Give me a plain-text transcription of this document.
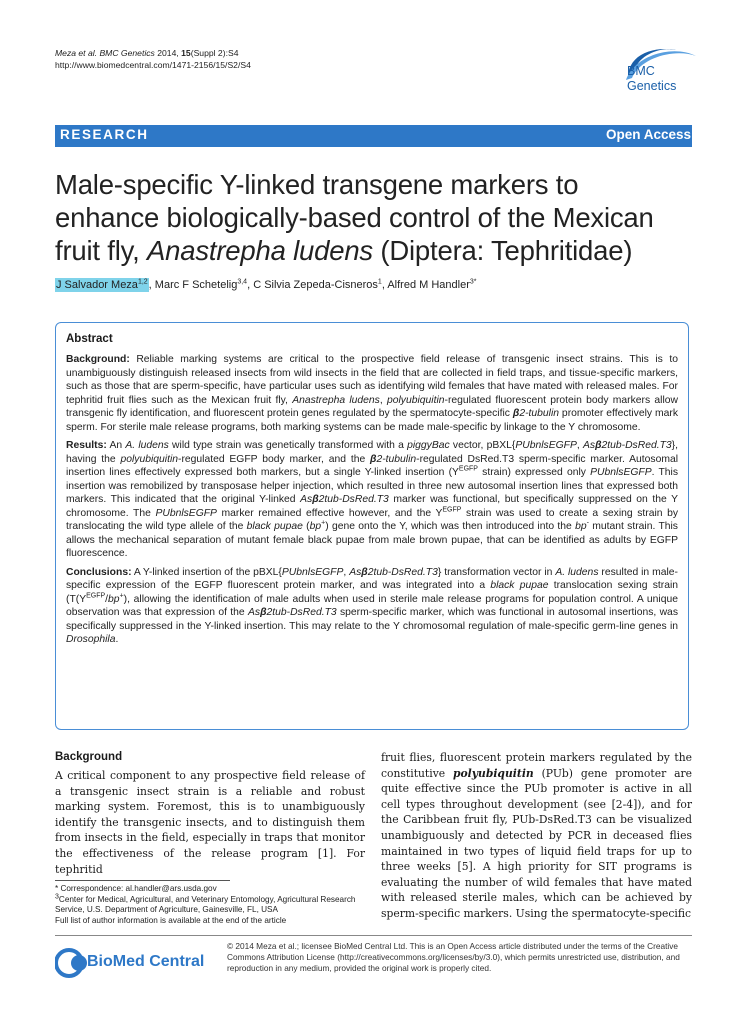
Meza et al. BMC Genetics 2014, 15(Suppl 2):S4
http://www.biomedcentral.com/1471-2156/15/S2/S4	BMC
Genetics
RESEARCH	Open Access
Male-specific Y-linked transgene markers to
enhance biologically-based control of the Mexican
fruit fly, Anastrepha ludens (Diptera: Tephritidae)
J Salvador Meza$^{1,2}$, Marc F Schetelig$^{3,4}$, C Silvia Zepeda-Cisneros$^1$, Alfred M Handler$^{3*}$
Abstract

Background: Reliable marking systems are critical to the prospective field release of transgenic insect strains. This is to unambiguously distinguish released insects from wild insects in the field that are collected in field traps, and tissue-specific markers, such as those that are sperm-specific, have particular uses such as identifying wild females that have mated with released males. For tephritid fruit flies such as the Mexican fruit fly, Anastrepha ludens, polyubiquitin-regulated fluorescent protein body markers allow transgenic fly identification, and fluorescent protein genes regulated by the spermatocyte-specific β2-tubulin promoter effectively mark sperm. For sterile male release programs, both marking systems can be made male-specific by linkage to the Y chromosome.

Results: An A. ludens wild type strain was genetically transformed with a piggyBac vector, pBXL{PUbnlsEGFP, Asβ2tub-DsRed.T3}, having the polyubiquitin-regulated EGFP body marker, and the β2-tubulin-regulated DsRed.T3 sperm-specific marker. Autosomal insertion lines effectively expressed both markers, but a single Y-linked insertion ($Y^{EGFP}$ strain) expressed only PUbnlsEGFP. This insertion was remobilized by transposase helper injection, which resulted in three new autosomal insertion lines that expressed both markers. This indicated that the original Y-linked Asβ2tub-DsRed.T3 marker was functional, but specifically suppressed on the Y chromosome. The PUbnlsEGFP marker remained effective however, and the $Y^{EGFP}$ strain was used to create a sexing strain by translocating the wild type allele of the black pupae (bp+) gene onto the Y, which was then introduced into the bp- mutant strain. This allows the mechanical separation of mutant female black pupae from male brown pupae, that can be identified as adults by EGFP fluorescence.

Conclusions: A Y-linked insertion of the pBXL{PUbnlsEGFP, Asβ2tub-DsRed.T3} transformation vector in A. ludens resulted in male-specific expression of the EGFP fluorescent protein marker, and was integrated into a black pupae translocation sexing strain ($T(Y^{EGFP}/bp^+)$, allowing the identification of male adults when used in sterile male release programs for population control. A unique observation was that expression of the Asβ2tub-DsRed.T3 sperm-specific marker, which was functional in autosomal insertions, was specifically suppressed in the Y-linked insertion. This may relate to the Y chromosomal regulation of male-specific germ-line genes in Drosophila.

Background
A critical component to any prospective field release of a transgenic insect strain is a reliable and robust marking system. Foremost, this is to unambiguously identify the transgenic insects, and to distinguish them from insects in the field, especially in traps that monitor the effectiveness of the release program [1]. For tephritid
fruit flies, fluorescent protein markers regulated by the constitutive polyubiquitin (PUb) gene promoter are quite effective since the PUb promoter is active in all cell types throughout development (see [2-4]), and for the Caribbean fruit fly, PUb-DsRed.T3 can be visualized unambiguously and detected by PCR in deceased flies maintained in two types of liquid field traps for up to three weeks [5]. A high priority for SIT programs is evaluating the number of wild females that have mated with released sterile males, which can be achieved by sperm-specific markers. Using the spermatocyte-specific
* Correspondence: al.handler@ars.usda.gov
$^3$Center for Medical, Agricultural, and Veterinary Entomology, Agricultural Research Service, U.S. Department of Agriculture, Gainesville, FL, USA
Full list of author information is available at the end of the article
BioMed Central
© 2014 Meza et al.; licensee BioMed Central Ltd. This is an Open Access article distributed under the terms of the Creative Commons Attribution License (http://creativecommons.org/licenses/by/3.0), which permits unrestricted use, distribution, and reproduction in any medium, provided the original work is properly cited.
